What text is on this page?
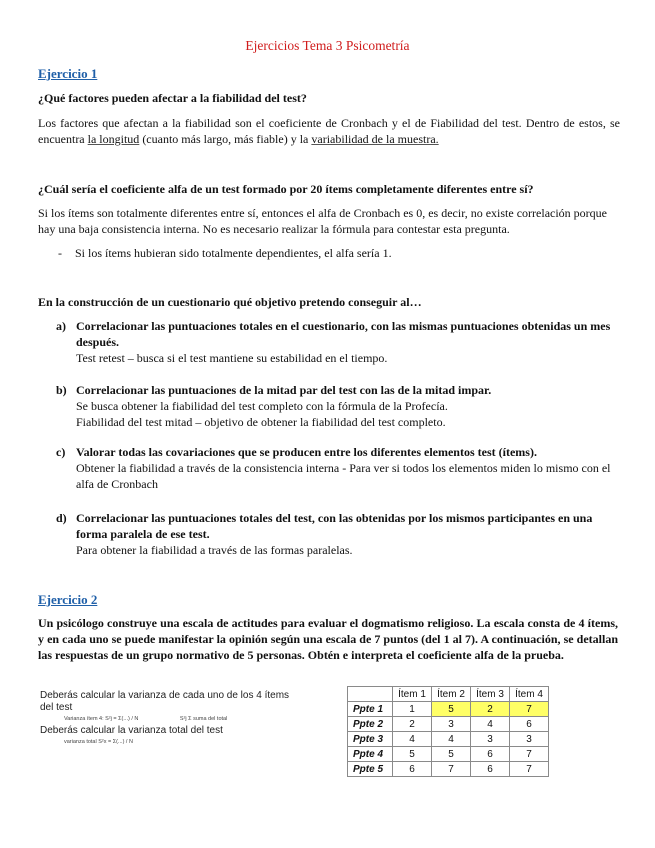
Ejercicios Tema 3 Psicometría
Ejercicio 1
¿Qué factores pueden afectar a la fiabilidad del test?
Los factores que afectan a la fiabilidad son el coeficiente de Cronbach y el de Fiabilidad del test. Dentro de estos, se encuentra la longitud (cuanto más largo, más fiable) y la variabilidad de la muestra.
¿Cuál sería el coeficiente alfa de un test formado por 20 ítems completamente diferentes entre sí?
Si los ítems son totalmente diferentes entre sí, entonces el alfa de Cronbach es 0, es decir, no existe correlación porque hay una baja consistencia interna. No es necesario realizar la fórmula para contestar esta pregunta.
-	Si los ítems hubieran sido totalmente dependientes, el alfa sería 1.
En la construcción de un cuestionario qué objetivo pretendo conseguir al…
a) Correlacionar las puntuaciones totales en el cuestionario, con las mismas puntuaciones obtenidas un mes después.
Test retest – busca si el test mantiene su estabilidad en el tiempo.
b) Correlacionar las puntuaciones de la mitad par del test con las de la mitad impar.
Se busca obtener la fiabilidad del test completo con la fórmula de la Profecía.
Fiabilidad del test mitad – objetivo de obtener la fiabilidad del test completo.
c) Valorar todas las covariaciones que se producen entre los diferentes elementos test (ítems).
Obtener la fiabilidad a través de la consistencia interna - Para ver si todos los elementos miden lo mismo con el alfa de Cronbach
d) Correlacionar las puntuaciones totales del test, con las obtenidas por los mismos participantes en una forma paralela de ese test.
Para obtener la fiabilidad a través de las formas paralelas.
Ejercicio 2
Un psicólogo construye una escala de actitudes para evaluar el dogmatismo religioso. La escala consta de 4 ítems, y en cada uno se puede manifestar la opinión según una escala de 7 puntos (del 1 al 7). A continuación, se detallan las respuestas de un grupo normativo de 5 personas. Obtén e interpreta el coeficiente alfa de la prueba.
Deberás calcular la varianza de cada uno de los 4 ítems del test
Varianza ítem 4: S²j = Σ(...) / N	S²j Σ suma del total
Deberás calcular la varianza total del test
varianza total S²x = Σ(...) / N
	Ítem 1	Ítem 2	Ítem 3	Ítem 4
Ppte 1	1	5	2	7
Ppte 2	2	3	4	6
Ppte 3	4	4	3	3
Ppte 4	5	5	6	7
Ppte 5	6	7	6	7
